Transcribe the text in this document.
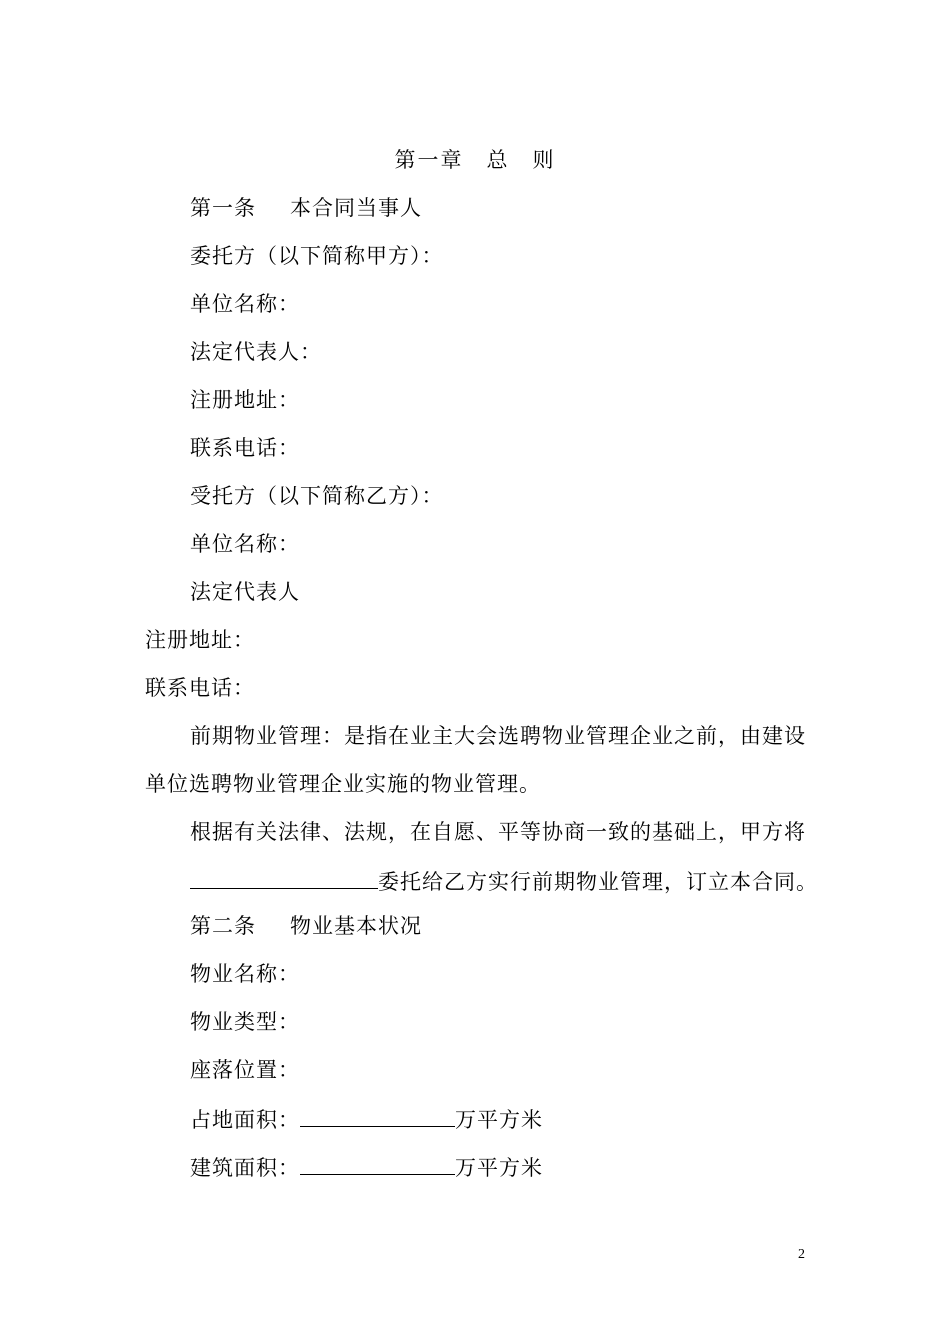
第一章　 总　则
第一条 本合同当事人
委托方（以下简称甲方）：
单位名称：
法定代表人：
注册地址：
联系电话：
受托方（以下简称乙方）：
单位名称：
法定代表人
注册地址：
联系电话：
前期物业管理：是指在业主大会选聘物业管理企业之前，由建设
单位选聘物业管理企业实施的物业管理。
根据有关法律、法规，在自愿、平等协商一致的基础上，甲方将
委托给乙方实行前期物业管理，订立本合同。
第二条 物业基本状况
物业名称：
物业类型：
座落位置：
占地面积：	万平方米
建筑面积：	万平方米
2
